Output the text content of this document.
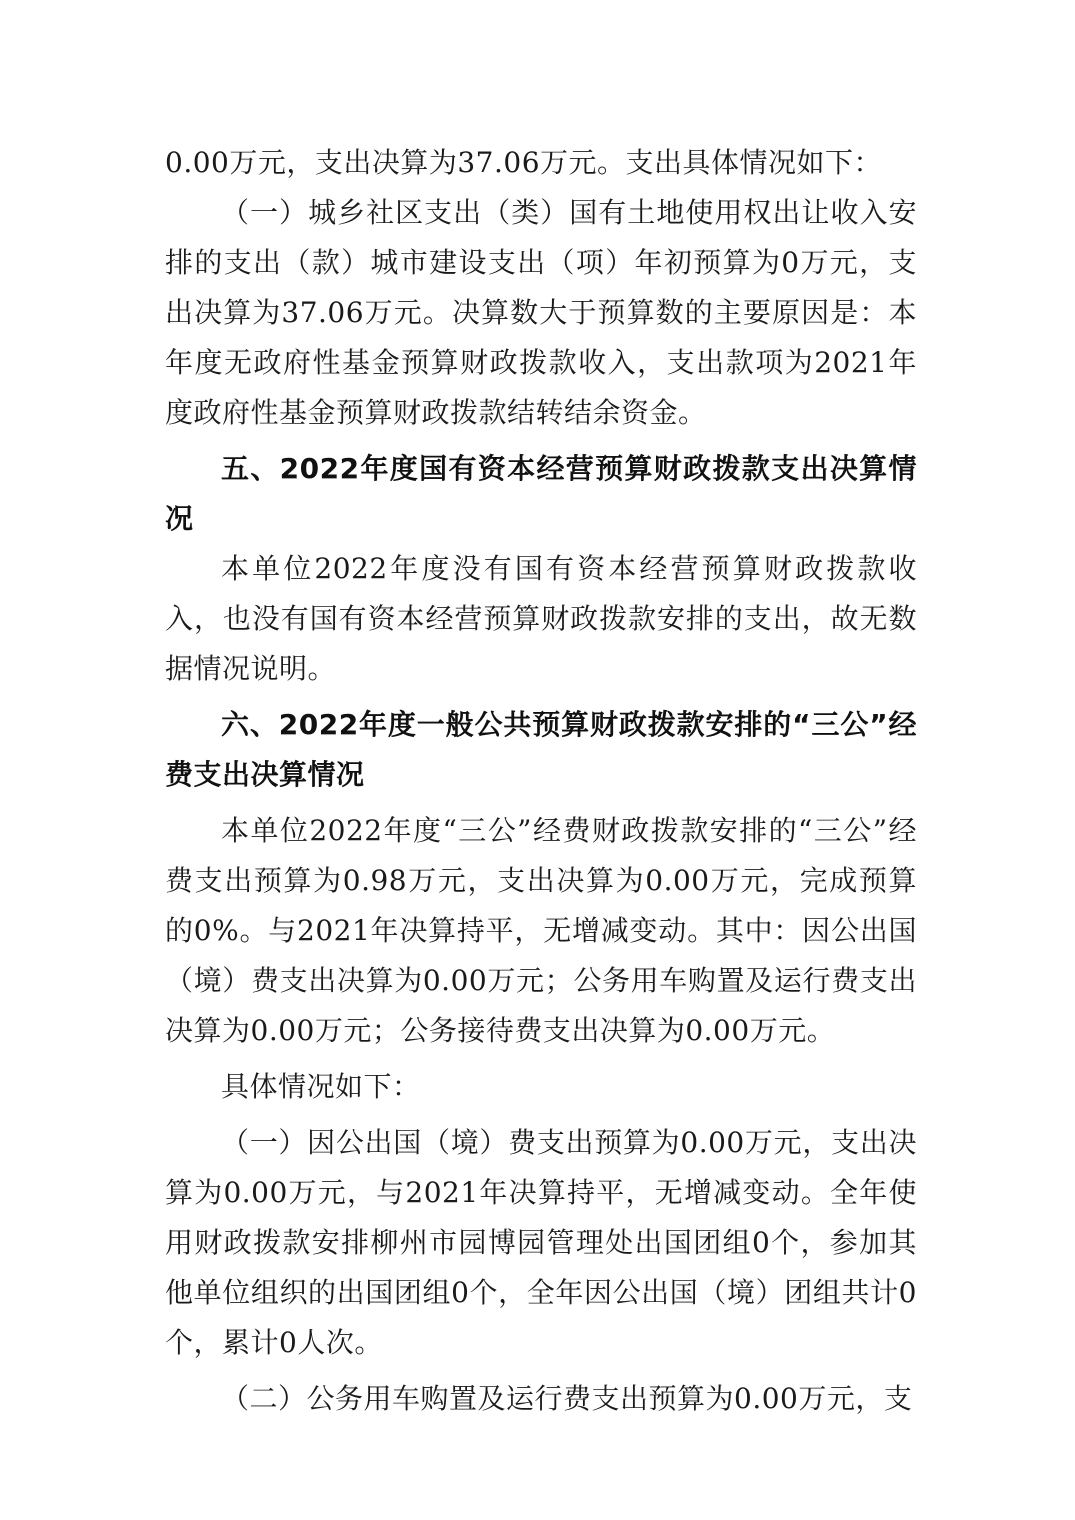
0.00万元，支出决算为37.06万元。支出具体情况如下：

（一）城乡社区支出（类）国有土地使用权出让收入安排的支出（款）城市建设支出（项）年初预算为0万元，支出决算为37.06万元。决算数大于预算数的主要原因是：本年度无政府性基金预算财政拨款收入，支出款项为2021年度政府性基金预算财政拨款结转结余资金。

五、2022年度国有资本经营预算财政拨款支出决算情况

本单位2022年度没有国有资本经营预算财政拨款收入，也没有国有资本经营预算财政拨款安排的支出，故无数据情况说明。

六、2022年度一般公共预算财政拨款安排的“三公”经费支出决算情况

本单位2022年度“三公”经费财政拨款安排的“三公”经费支出预算为0.98万元，支出决算为0.00万元，完成预算的0%。与2021年决算持平，无增减变动。其中：因公出国（境）费支出决算为0.00万元；公务用车购置及运行费支出决算为0.00万元；公务接待费支出决算为0.00万元。

具体情况如下：

（一）因公出国（境）费支出预算为0.00万元，支出决算为0.00万元，与2021年决算持平，无增减变动。全年使用财政拨款安排柳州市园博园管理处出国团组0个，参加其他单位组织的出国团组0个，全年因公出国（境）团组共计0个，累计0人次。

（二）公务用车购置及运行费支出预算为0.00万元，支
